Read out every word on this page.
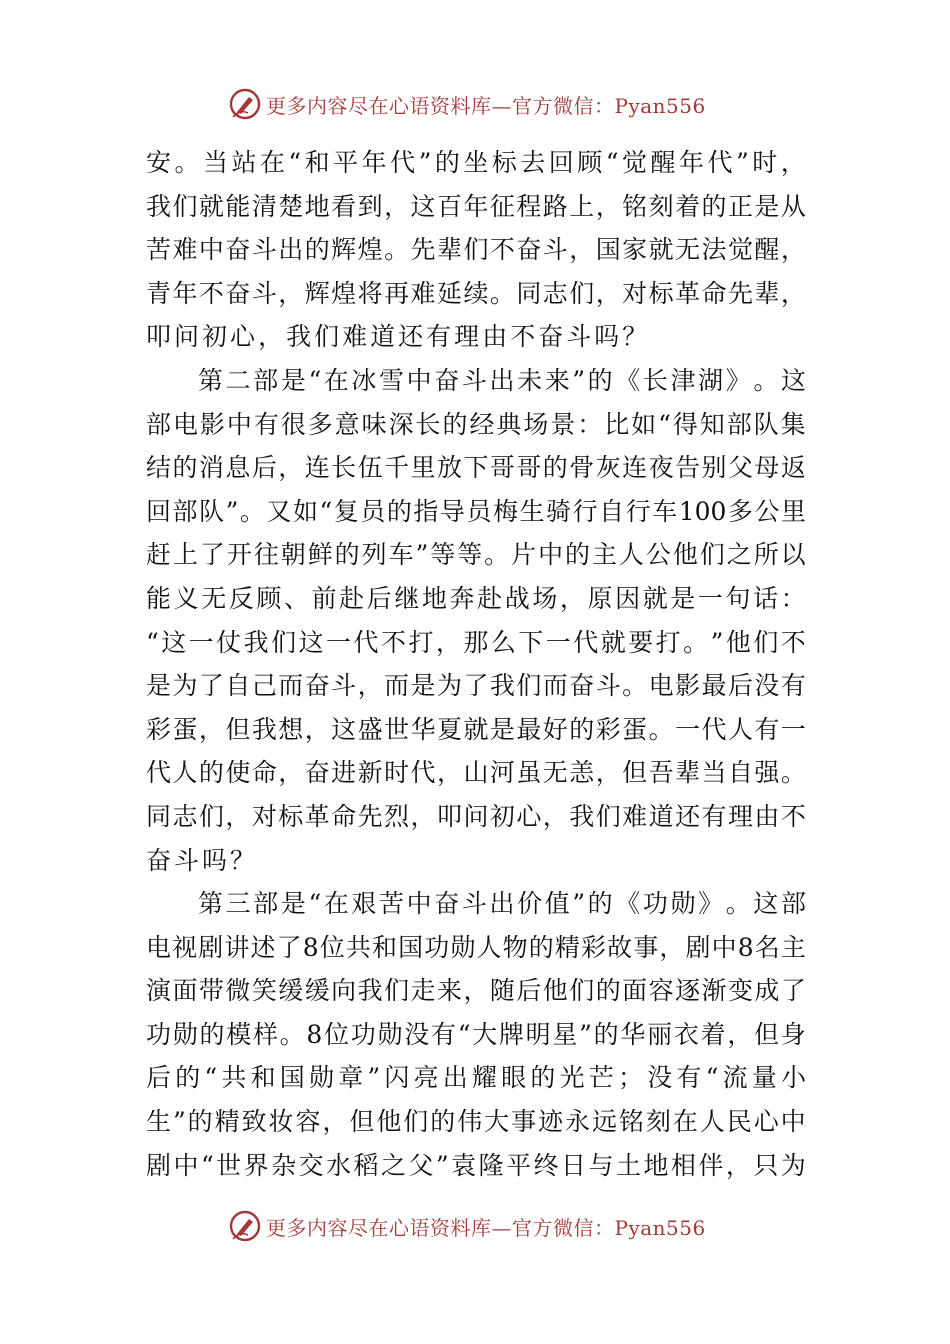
更多内容尽在心语资料库—官方微信：Pyan556
安 。 当 站 在 “ 和 平 年 代 ” 的 坐 标 去 回 顾 “ 觉 醒 年 代 ” 时 ，
我 们 就 能 清 楚 地 看 到 ， 这 百 年 征 程 路 上 ， 铭 刻 着 的 正 是 从
苦 难 中 奋 斗 出 的 辉 煌 。 先 辈 们 不 奋 斗 ， 国 家 就 无 法 觉 醒 ，
青 年 不 奋 斗 ， 辉 煌 将 再 难 延 续 。 同 志 们 ， 对 标 革 命 先 辈 ，
叩 问 初 心 ， 我 们 难 道 还 有 理 由 不 奋 斗 吗 ？
第 二 部 是 “ 在 冰 雪 中 奋 斗 出 未 来 ” 的 《 长 津 湖 》 。 这
部 电 影 中 有 很 多 意 味 深 长 的 经 典 场 景 ： 比 如 “ 得 知 部 队 集
结 的 消 息 后 ， 连 长 伍 千 里 放 下 哥 哥 的 骨 灰 连 夜 告 别 父 母 返
回 部 队 ” 。 又 如 “ 复 员 的 指 导 员 梅 生 骑 行 自 行 车 100 多 公 里
赶 上 了 开 往 朝 鲜 的 列 车 ” 等 等 。 片 中 的 主 人 公 他 们 之 所 以
能 义 无 反 顾 、 前 赴 后 继 地 奔 赴 战 场 ， 原 因 就 是 一 句 话 ：
“ 这 一 仗 我 们 这 一 代 不 打 ， 那 么 下 一 代 就 要 打 。 ” 他 们 不
是 为 了 自 己 而 奋 斗 ， 而 是 为 了 我 们 而 奋 斗 。 电 影 最 后 没 有
彩 蛋 ， 但 我 想 ， 这 盛 世 华 夏 就 是 最 好 的 彩 蛋 。 一 代 人 有 一
代 人 的 使 命 ， 奋 进 新 时 代 ， 山 河 虽 无 恙 ， 但 吾 辈 当 自 强 。
同 志 们 ， 对 标 革 命 先 烈 ， 叩 问 初 心 ， 我 们 难 道 还 有 理 由 不
奋 斗 吗 ？
第 三 部 是 “ 在 艰 苦 中 奋 斗 出 价 值 ” 的 《 功 勋 》 。 这 部
电 视 剧 讲 述 了 8 位 共 和 国 功 勋 人 物 的 精 彩 故 事 ， 剧 中 8 名 主
演 面 带 微 笑 缓 缓 向 我 们 走 来 ， 随 后 他 们 的 面 容 逐 渐 变 成 了
功 勋 的 模 样 。 8 位 功 勋 没 有 “ 大 牌 明 星 ” 的 华 丽 衣 着 ， 但 身
后 的 “ 共 和 国 勋 章 ” 闪 亮 出 耀 眼 的 光 芒 ； 没 有 “ 流 量 小
生 ” 的 精 致 妆 容 ， 但 他 们 的 伟 大 事 迹 永 远 铭 刻 在 人 民 心 中
剧 中 “ 世 界 杂 交 水 稻 之 父 ” 袁 隆 平 终 日 与 土 地 相 伴 ， 只 为
更多内容尽在心语资料库—官方微信：Pyan556
